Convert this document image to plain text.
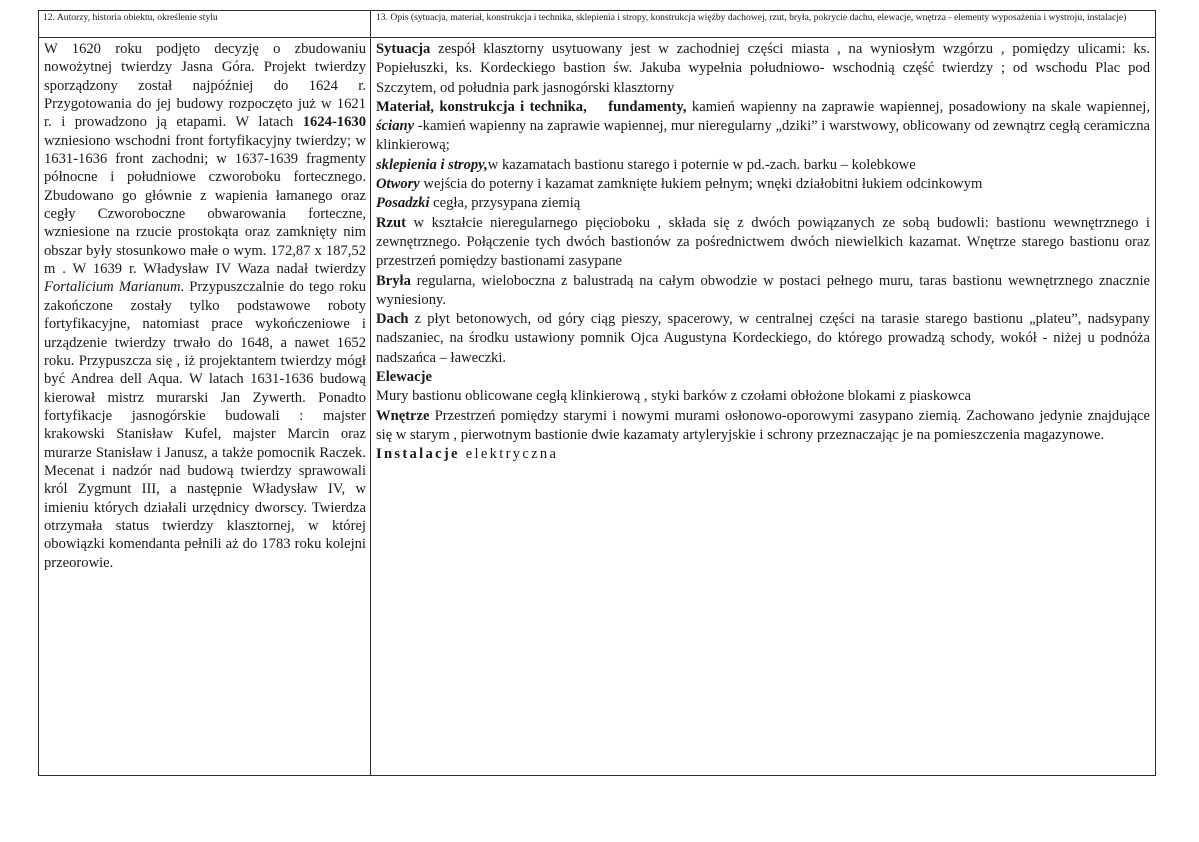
12. Autorzy, historia obiektu, określenie stylu	13. Opis (sytuacja, materiał, konstrukcja i technika, sklepienia i stropy, konstrukcja więźby dachowej, rzut, bryła, pokrycie dachu, elewacje, wnętrza - elementy wyposażenia i wystroju, instalacje)

W 1620 roku podjęto decyzję o zbudowaniu nowożytnej twierdzy Jasna Góra. Projekt twierdzy sporządzony został najpóźniej do 1624 r. Przygotowania do jej budowy rozpoczęto już w 1621 r. i prowadzono ją etapami. W latach 1624-1630 wzniesiono wschodni front fortyfikacyjny twierdzy; w 1631-1636 front zachodni; w 1637-1639 fragmenty północne i południowe czworoboku fortecznego. Zbudowano go głównie z wapienia łamanego oraz cegły Czworoboczne obwarowania forteczne, wzniesione na rzucie prostokąta oraz zamknięty nim obszar były stosunkowo małe o wym. 172,87 x 187,52 m . W 1639 r. Władysław IV Waza nadał twierdzy Fortalicium Marianum. Przypuszczalnie do tego roku zakończone zostały tylko podstawowe roboty fortyfikacyjne, natomiast prace wykończeniowe i urządzenie twierdzy trwało do 1648, a nawet 1652 roku. Przypuszcza się , iż projektantem twierdzy mógł być Andrea dell Aqua. W latach 1631-1636 budową kierował mistrz murarski Jan Zywerth. Ponadto fortyfikacje jasnogórskie budowali : majster krakowski Stanisław Kufel, majster Marcin oraz murarze Stanisław i Janusz, a także pomocnik Raczek. Mecenat i nadzór nad budową twierdzy sprawowali król Zygmunt III, a następnie Władysław IV, w imieniu których działali urzędnicy dworscy. Twierdza otrzymała status twierdzy klasztornej, w której obowiązki komendanta pełnili aż do 1783 roku kolejni przeorowie.

Sytuacja zespół klasztorny usytuowany jest w zachodniej części miasta , na wyniosłym wzgórzu , pomiędzy ulicami: ks. Popiełuszki, ks. Kordeckiego bastion św. Jakuba wypełnia południowo- wschodnią część twierdzy ; od wschodu Plac pod Szczytem, od południa park jasnogórski klasztorny

Materiał, konstrukcja i technika, fundamenty, kamień wapienny na zaprawie wapiennej, posadowiony na skale wapiennej, ściany -kamień wapienny na zaprawie wapiennej, mur nieregularny „dziki” i warstwowy, oblicowany od zewnątrz cegłą ceramiczna klinkierową;

sklepienia i stropy,w kazamatach bastionu starego i poternie w pd.-zach. barku – kolebkowe

Otwory wejścia do poterny i kazamat zamknięte łukiem pełnym; wnęki działobitni łukiem odcinkowym

Posadzki cegła, przysypana ziemią

Rzut w kształcie nieregularnego pięcioboku , składa się z dwóch powiązanych ze sobą budowli: bastionu wewnętrznego i zewnętrznego. Połączenie tych dwóch bastionów za pośrednictwem dwóch niewielkich kazamat. Wnętrze starego bastionu oraz przestrzeń pomiędzy bastionami zasypane

Bryła regularna, wieloboczna z balustradą na całym obwodzie w postaci pełnego muru, taras bastionu wewnętrznego znacznie wyniesiony.

Dach z płyt betonowych, od góry ciąg pieszy, spacerowy, w centralnej części na tarasie starego bastionu „plateu”, nadsypany nadszaniec, na środku ustawiony pomnik Ojca Augustyna Kordeckiego, do którego prowadzą schody, wokół - niżej u podnóża nadszańca – ławeczki.

Elewacje

Mury bastionu oblicowane cegłą klinkierową , styki barków z czołami obłożone blokami z piaskowca

Wnętrze Przestrzeń pomiędzy starymi i nowymi murami osłonowo-oporowymi zasypano ziemią. Zachowano jedynie znajdujące się w starym , pierwotnym bastionie dwie kazamaty artyleryjskie i schrony przeznaczając je na pomieszczenia magazynowe.

Instalacje elektryczna
